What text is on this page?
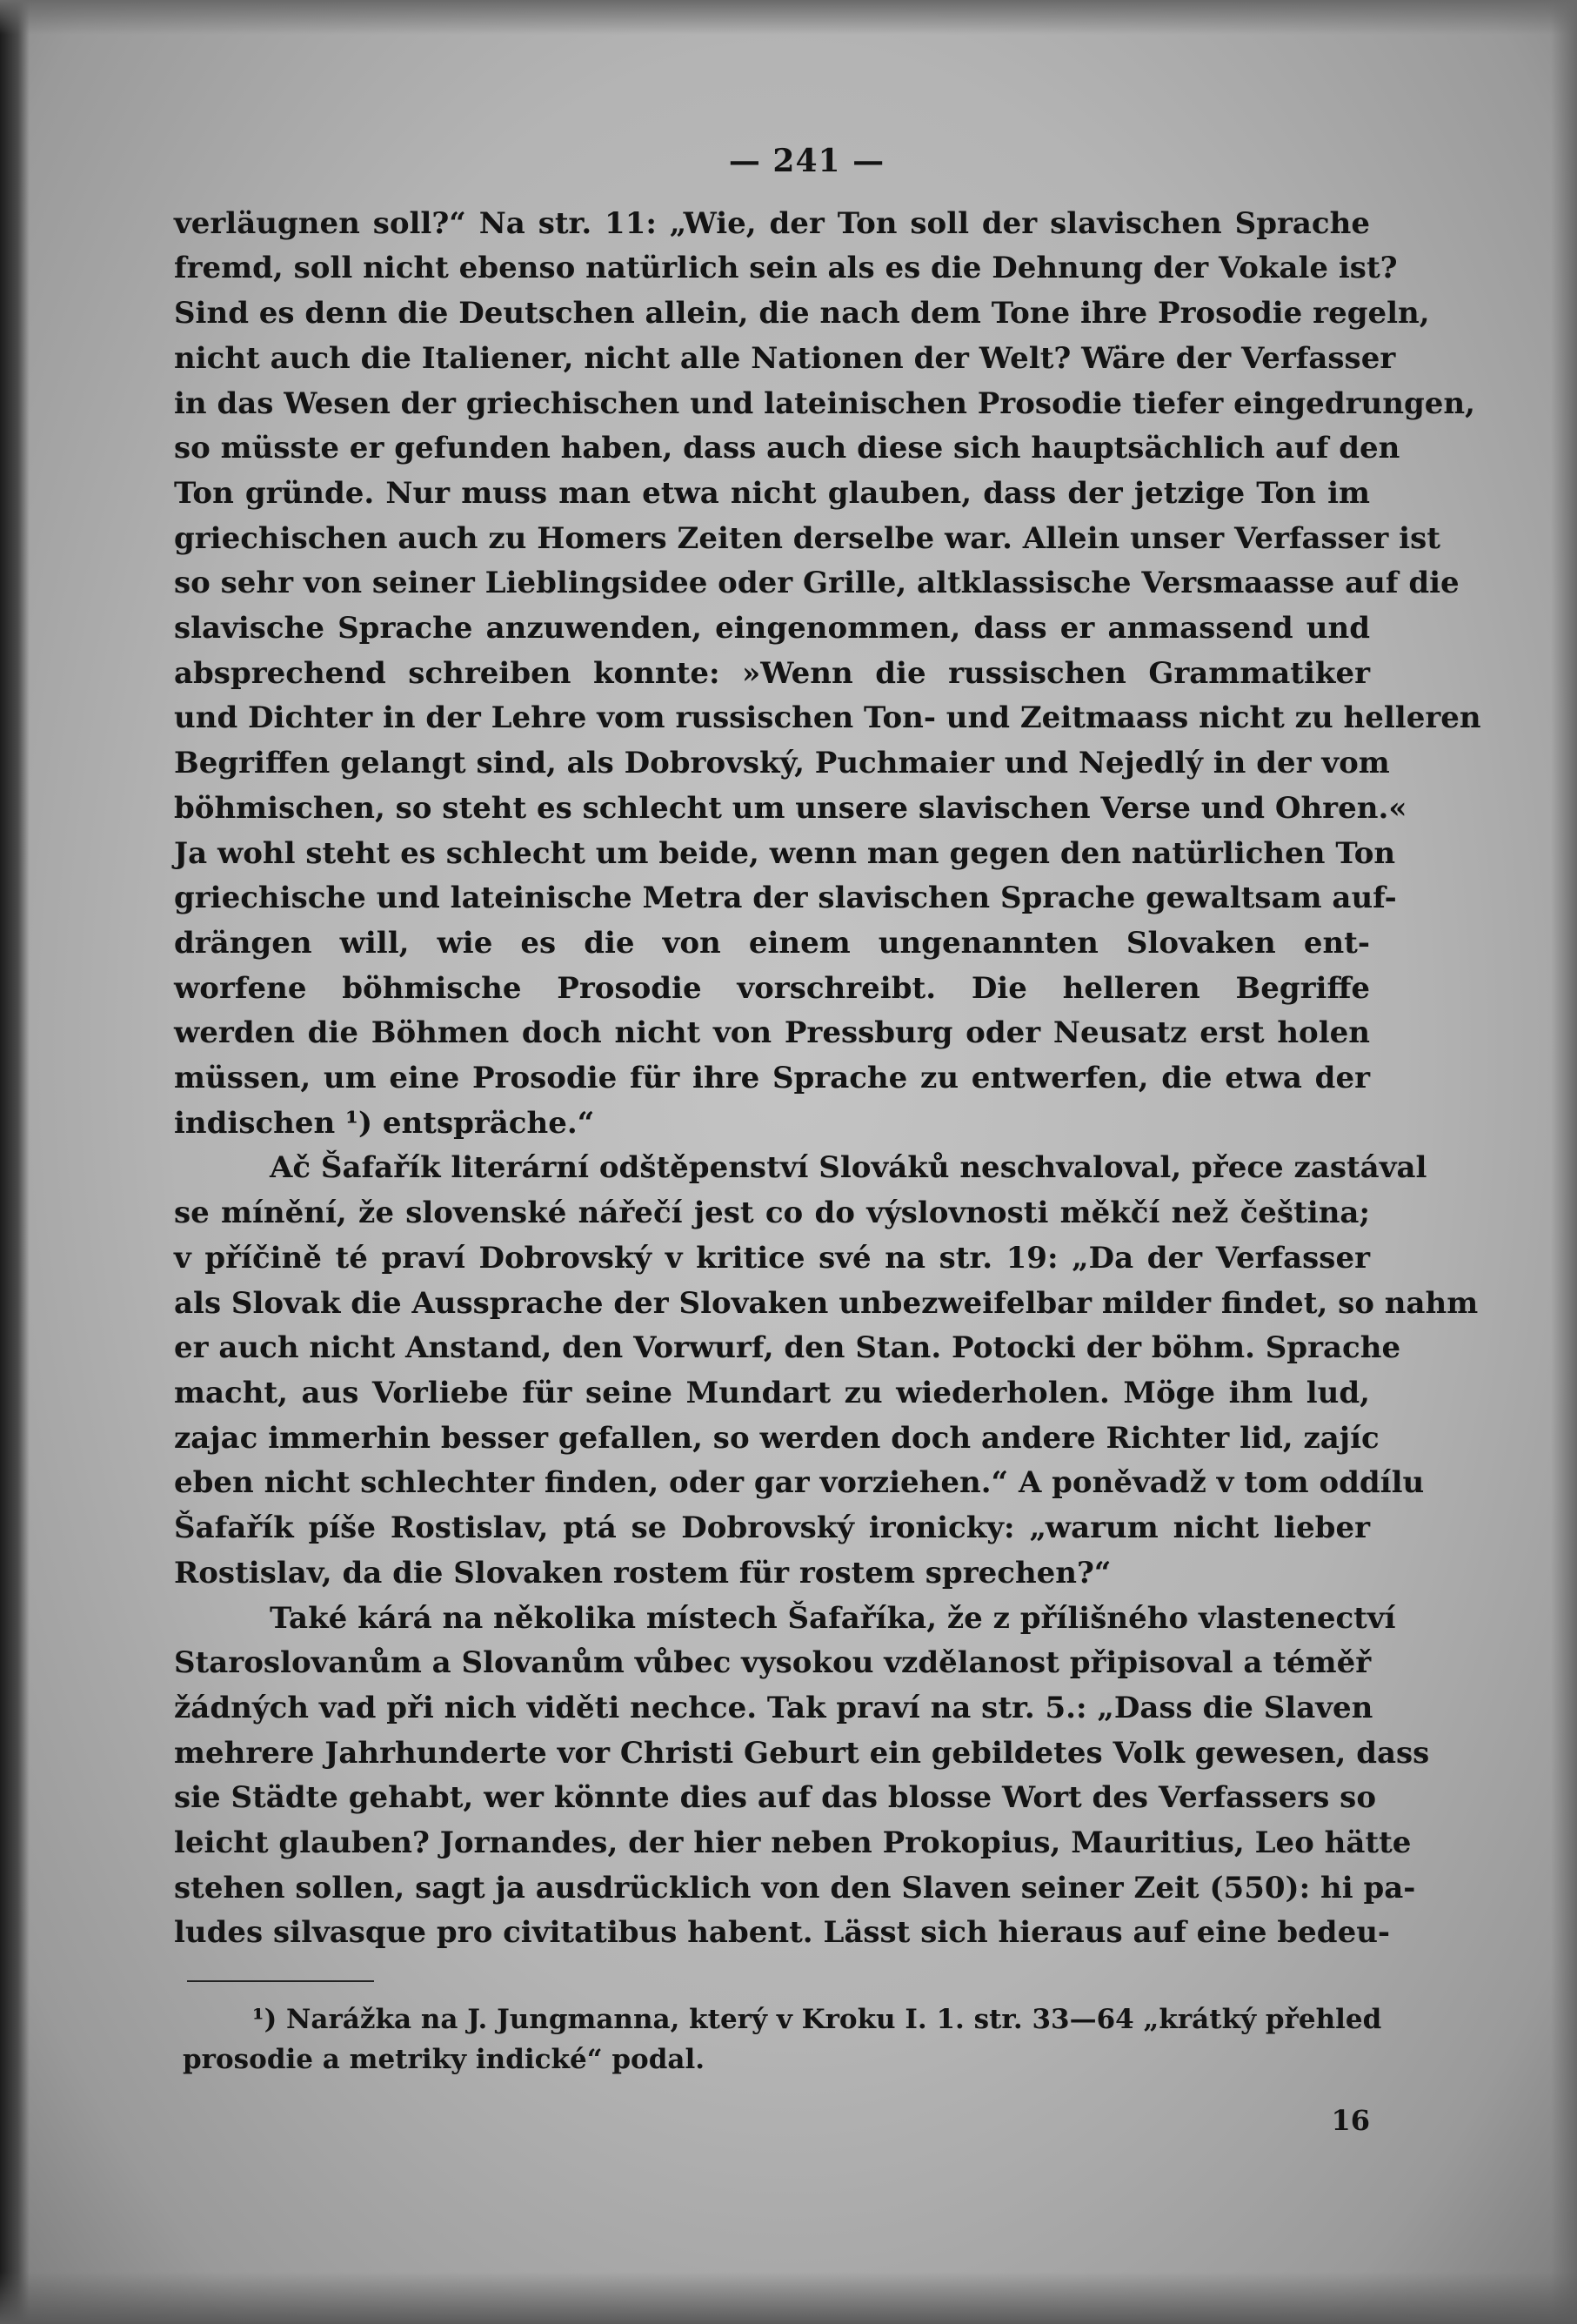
— 241 —
verläugnen soll?“ Na str. 11: „Wie, der Ton soll der slavischen Sprache
fremd, soll nicht ebenso natürlich sein als es die Dehnung der Vokale ist?
Sind es denn die Deutschen allein, die nach dem Tone ihre Prosodie regeln,
nicht auch die Italiener, nicht alle Nationen der Welt? Wäre der Verfasser
in das Wesen der griechischen und lateinischen Prosodie tiefer eingedrungen,
so müsste er gefunden haben, dass auch diese sich hauptsächlich auf den
Ton gründe. Nur muss man etwa nicht glauben, dass der jetzige Ton im
griechischen auch zu Homers Zeiten derselbe war. Allein unser Verfasser ist
so sehr von seiner Lieblingsidee oder Grille, altklassische Versmaasse auf die
slavische Sprache anzuwenden, eingenommen, dass er anmassend und
absprechend schreiben konnte: »Wenn die russischen Grammatiker
und Dichter in der Lehre vom russischen Ton- und Zeitmaass nicht zu helleren
Begriffen gelangt sind, als Dobrovský, Puchmaier und Nejedlý in der vom
böhmischen, so steht es schlecht um unsere slavischen Verse und Ohren.«
Ja wohl steht es schlecht um beide, wenn man gegen den natürlichen Ton
griechische und lateinische Metra der slavischen Sprache gewaltsam auf-
drängen will, wie es die von einem ungenannten Slovaken ent-
worfene böhmische Prosodie vorschreibt. Die helleren Begriffe
werden die Böhmen doch nicht von Pressburg oder Neusatz erst holen
müssen, um eine Prosodie für ihre Sprache zu entwerfen, die etwa der
indischen ¹) entspräche.“
Ač Šafařík literární odštěpenství Slováků neschvaloval, přece zastával
se mínění, že slovenské nářečí jest co do výslovnosti měkčí než čeština;
v příčině té praví Dobrovský v kritice své na str. 19: „Da der Verfasser
als Slovak die Aussprache der Slovaken unbezweifelbar milder findet, so nahm
er auch nicht Anstand, den Vorwurf, den Stan. Potocki der böhm. Sprache
macht, aus Vorliebe für seine Mundart zu wiederholen. Möge ihm lud,
zajac immerhin besser gefallen, so werden doch andere Richter lid, zajíc
eben nicht schlechter finden, oder gar vorziehen.“ A poněvadž v tom oddílu
Šafařík píše Rostislav, ptá se Dobrovský ironicky: „warum nicht lieber
Rostislav, da die Slovaken rostem für rostem sprechen?“
Také kárá na několika místech Šafaříka, že z přílišného vlastenectví
Staroslovanům a Slovanům vůbec vysokou vzdělanost připisoval a téměř
žádných vad při nich viděti nechce. Tak praví na str. 5.: „Dass die Slaven
mehrere Jahrhunderte vor Christi Geburt ein gebildetes Volk gewesen, dass
sie Städte gehabt, wer könnte dies auf das blosse Wort des Verfassers so
leicht glauben? Jornandes, der hier neben Prokopius, Mauritius, Leo hätte
stehen sollen, sagt ja ausdrücklich von den Slaven seiner Zeit (550): hi pa-
ludes silvasque pro civitatibus habent. Lässt sich hieraus auf eine bedeu-
¹) Narážka na J. Jungmanna, který v Kroku I. 1. str. 33—64 „krátký přehled
prosodie a metriky indické“ podal.
16
